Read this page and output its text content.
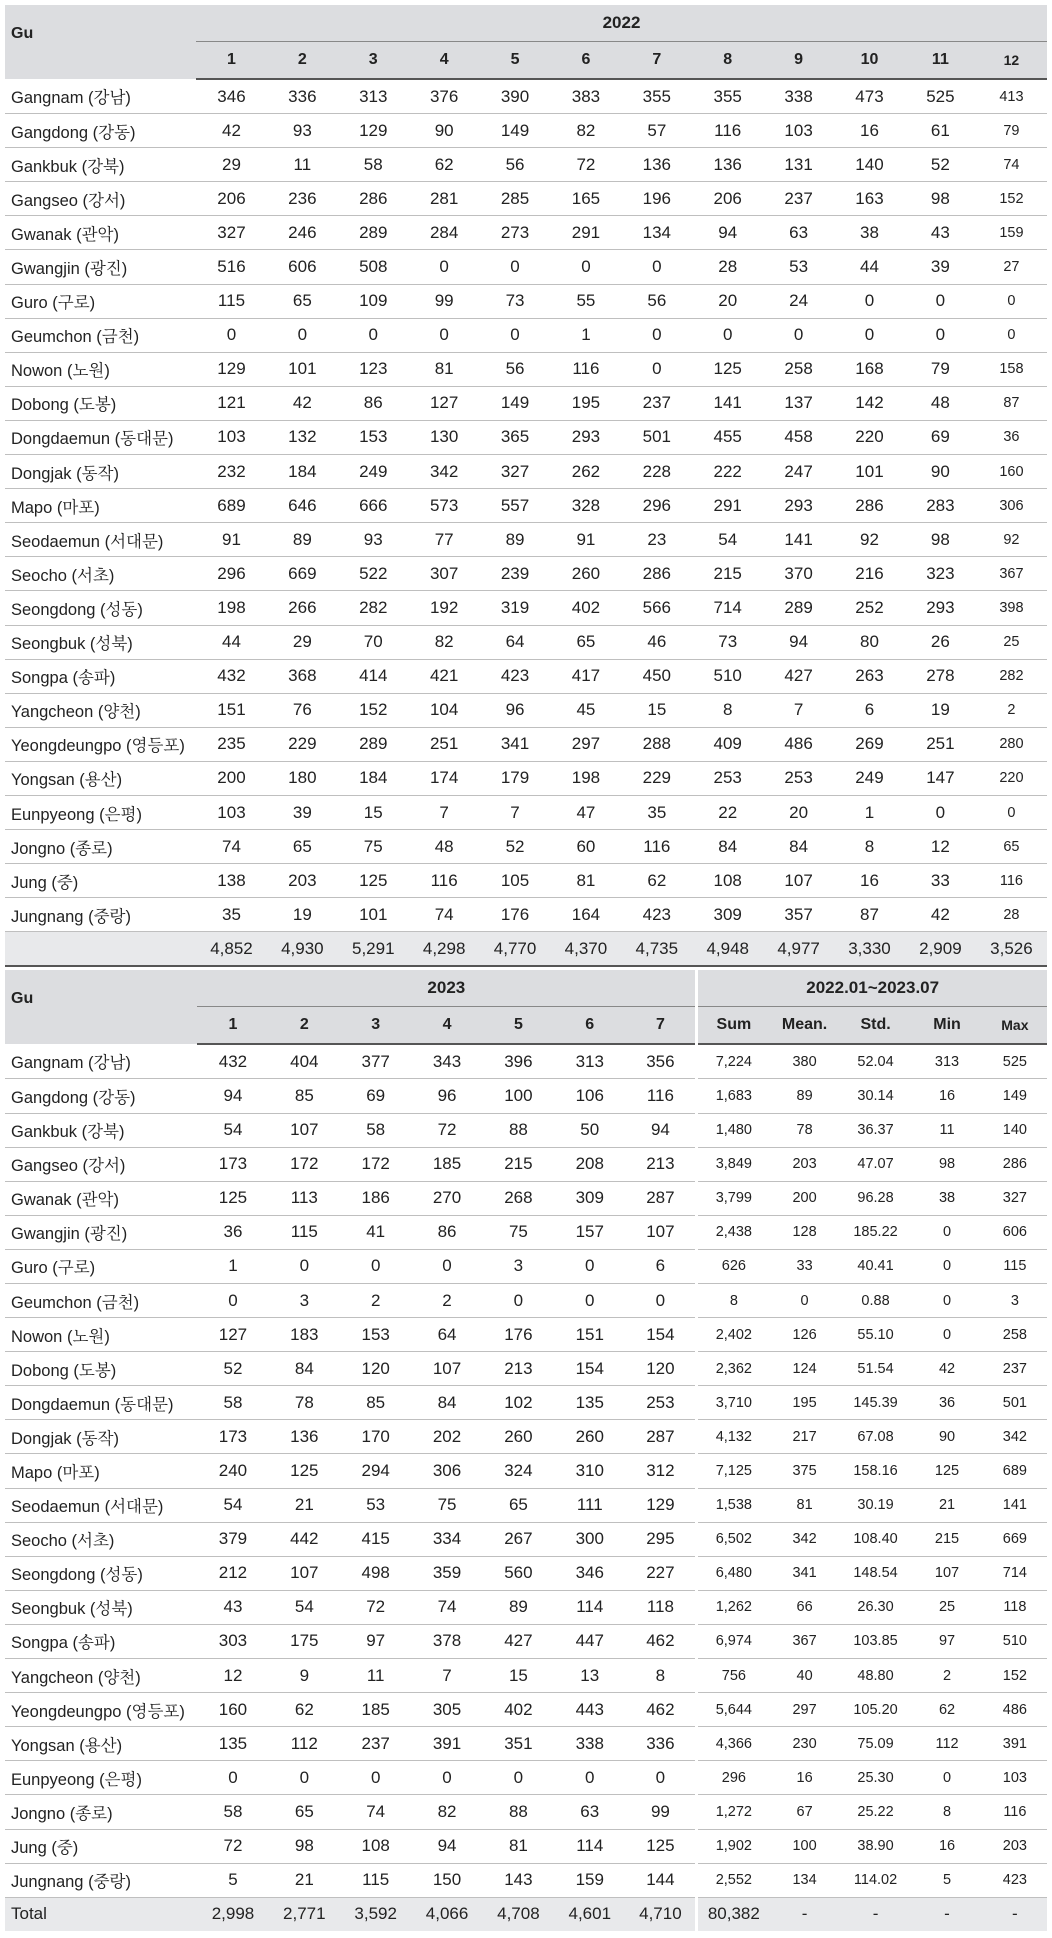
Gu	2022											
	1	2	3	4	5	6	7	8	9	10	11	12
Gangnam (강남)	346	336	313	376	390	383	355	355	338	473	525	413
Gangdong (강동)	42	93	129	90	149	82	57	116	103	16	61	79
Gankbuk (강북)	29	11	58	62	56	72	136	136	131	140	52	74
Gangseo (강서)	206	236	286	281	285	165	196	206	237	163	98	152
Gwanak (관악)	327	246	289	284	273	291	134	94	63	38	43	159
Gwangjin (광진)	516	606	508	0	0	0	0	28	53	44	39	27
Guro (구로)	115	65	109	99	73	55	56	20	24	0	0	0
Geumchon (금천)	0	0	0	0	0	1	0	0	0	0	0	0
Nowon (노원)	129	101	123	81	56	116	0	125	258	168	79	158
Dobong (도봉)	121	42	86	127	149	195	237	141	137	142	48	87
Dongdaemun (동대문)	103	132	153	130	365	293	501	455	458	220	69	36
Dongjak (동작)	232	184	249	342	327	262	228	222	247	101	90	160
Mapo (마포)	689	646	666	573	557	328	296	291	293	286	283	306
Seodaemun (서대문)	91	89	93	77	89	91	23	54	141	92	98	92
Seocho (서초)	296	669	522	307	239	260	286	215	370	216	323	367
Seongdong (성동)	198	266	282	192	319	402	566	714	289	252	293	398
Seongbuk (성북)	44	29	70	82	64	65	46	73	94	80	26	25
Songpa (송파)	432	368	414	421	423	417	450	510	427	263	278	282
Yangcheon (양천)	151	76	152	104	96	45	15	8	7	6	19	2
Yeongdeungpo (영등포)	235	229	289	251	341	297	288	409	486	269	251	280
Yongsan (용산)	200	180	184	174	179	198	229	253	253	249	147	220
Eunpyeong (은평)	103	39	15	7	7	47	35	22	20	1	0	0
Jongno (종로)	74	65	75	48	52	60	116	84	84	8	12	65
Jung (중)	138	203	125	116	105	81	62	108	107	16	33	116
Jungnang (중랑)	35	19	101	74	176	164	423	309	357	87	42	28
	4,852	4,930	5,291	4,298	4,770	4,370	4,735	4,948	4,977	3,330	2,909	3,526
Gu	2023							2022.01~2023.07				
	1	2	3	4	5	6	7	Sum	Mean.	Std.	Min	Max
Gangnam (강남)	432	404	377	343	396	313	356	7,224	380	52.04	313	525
Gangdong (강동)	94	85	69	96	100	106	116	1,683	89	30.14	16	149
Gankbuk (강북)	54	107	58	72	88	50	94	1,480	78	36.37	11	140
Gangseo (강서)	173	172	172	185	215	208	213	3,849	203	47.07	98	286
Gwanak (관악)	125	113	186	270	268	309	287	3,799	200	96.28	38	327
Gwangjin (광진)	36	115	41	86	75	157	107	2,438	128	185.22	0	606
Guro (구로)	1	0	0	0	3	0	6	626	33	40.41	0	115
Geumchon (금천)	0	3	2	2	0	0	0	8	0	0.88	0	3
Nowon (노원)	127	183	153	64	176	151	154	2,402	126	55.10	0	258
Dobong (도봉)	52	84	120	107	213	154	120	2,362	124	51.54	42	237
Dongdaemun (동대문)	58	78	85	84	102	135	253	3,710	195	145.39	36	501
Dongjak (동작)	173	136	170	202	260	260	287	4,132	217	67.08	90	342
Mapo (마포)	240	125	294	306	324	310	312	7,125	375	158.16	125	689
Seodaemun (서대문)	54	21	53	75	65	111	129	1,538	81	30.19	21	141
Seocho (서초)	379	442	415	334	267	300	295	6,502	342	108.40	215	669
Seongdong (성동)	212	107	498	359	560	346	227	6,480	341	148.54	107	714
Seongbuk (성북)	43	54	72	74	89	114	118	1,262	66	26.30	25	118
Songpa (송파)	303	175	97	378	427	447	462	6,974	367	103.85	97	510
Yangcheon (양천)	12	9	11	7	15	13	8	756	40	48.80	2	152
Yeongdeungpo (영등포)	160	62	185	305	402	443	462	5,644	297	105.20	62	486
Yongsan (용산)	135	112	237	391	351	338	336	4,366	230	75.09	112	391
Eunpyeong (은평)	0	0	0	0	0	0	0	296	16	25.30	0	103
Jongno (종로)	58	65	74	82	88	63	99	1,272	67	25.22	8	116
Jung (중)	72	98	108	94	81	114	125	1,902	100	38.90	16	203
Jungnang (중랑)	5	21	115	150	143	159	144	2,552	134	114.02	5	423
Total	2,998	2,771	3,592	4,066	4,708	4,601	4,710	80,382	-	-	-	-
